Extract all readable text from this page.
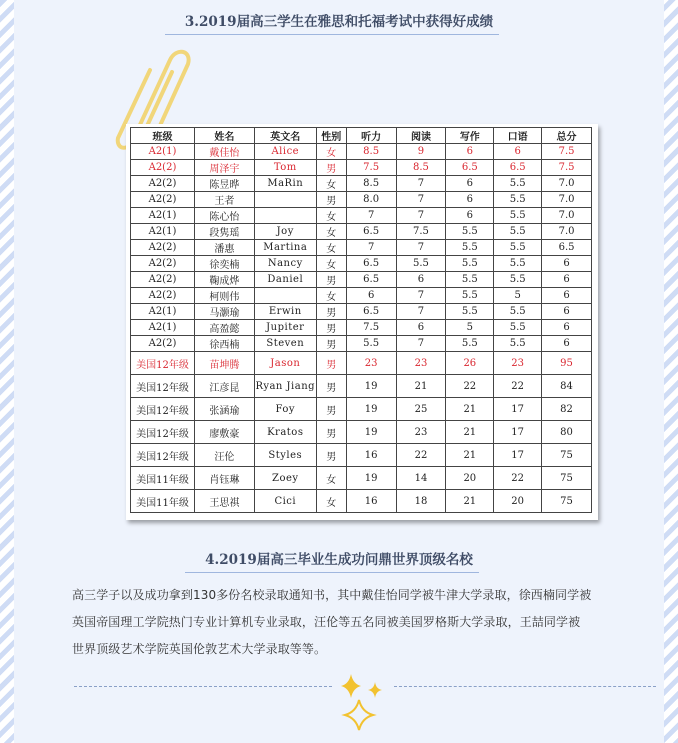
3.2019届高三学生在雅思和托福考试中获得好成绩
班级	姓名	英文名	性别	听力	阅读	写作	口语	总分
A2(1)	戴佳怡	Alice	女	8.5	9	6	6	7.5
A2(2)	周泽宇	Tom	男	7.5	8.5	6.5	6.5	7.5
A2(2)	陈昱晔	MaRin	女	8.5	7	6	5.5	7.0
A2(2)	王者		男	8.0	7	6	5.5	7.0
A2(1)	陈心怡		女	7	7	6	5.5	7.0
A2(1)	段隽瑶	Joy	女	6.5	7.5	5.5	5.5	7.0
A2(2)	潘惠	Martina	女	7	7	5.5	5.5	6.5
A2(2)	徐奕楠	Nancy	女	6.5	5.5	5.5	5.5	6
A2(2)	鞠成烨	Daniel	男	6.5	6	5.5	5.5	6
A2(2)	柯则伟		女	6	7	5.5	5	6
A2(1)	马灏瑜	Erwin	男	6.5	7	5.5	5.5	6
A2(1)	高盈懿	Jupiter	男	7.5	6	5	5.5	6
A2(2)	徐西楠	Steven	男	5.5	7	5.5	5.5	6
美国12年级	苗坤腾	Jason	男	23	23	26	23	95
美国12年级	江彦昆	Ryan Jiang	男	19	21	22	22	84
美国12年级	张涵瑜	Foy	男	19	25	21	17	82
美国12年级	廖敷豪	Kratos	男	19	23	21	17	80
美国12年级	汪伦	Styles	男	16	22	21	17	75
美国11年级	肖钰琳	Zoey	女	19	14	20	22	75
美国11年级	王思祺	Cici	女	16	18	21	20	75
4.2019届高三毕业生成功问鼎世界顶级名校
高三学子以及成功拿到130多份名校录取通知书，其中戴佳怡同学被牛津大学录取，徐西楠同学被
英国帝国理工学院热门专业计算机专业录取，汪伦等五名同被美国罗格斯大学录取，王喆同学被
世界顶级艺术学院英国伦敦艺术大学录取等等。
